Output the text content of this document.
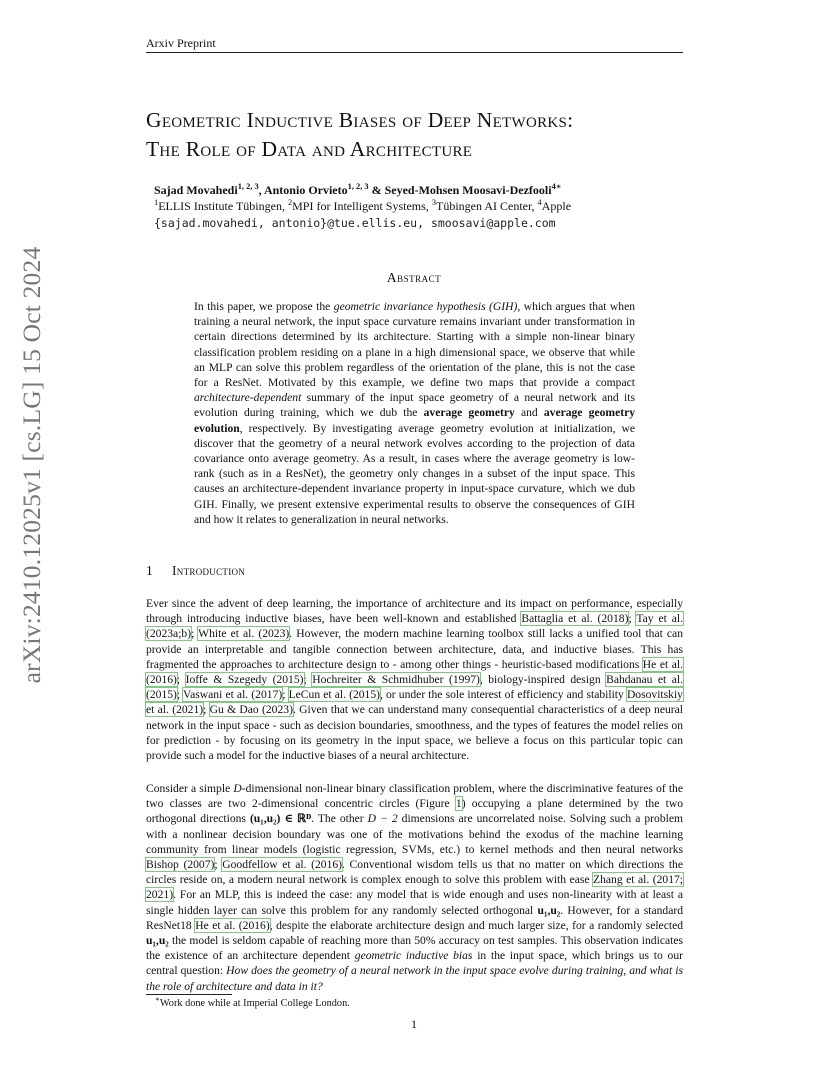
Arxiv Preprint
arXiv:2410.12025v1 [cs.LG] 15 Oct 2024
Geometric Inductive Biases of Deep Networks:
The Role of Data and Architecture
Sajad Movahedi$^{1, 2, 3}$, Antonio Orvieto$^{1, 2, 3}$ & Seyed-Mohsen Moosavi-Dezfooli$^{4∗}$
$^1$ELLIS Institute Tübingen, $^2$MPI for Intelligent Systems, $^3$Tübingen AI Center, $^4$Apple
{sajad.movahedi, antonio}@tue.ellis.eu, smoosavi@apple.com
Abstract
In this paper, we propose the geometric invariance hypothesis (GIH), which argues that when training a neural network, the input space curvature remains invariant under transformation in certain directions determined by its architecture. Starting with a simple non-linear binary classification problem residing on a plane in a high dimensional space, we observe that while an MLP can solve this problem regardless of the orientation of the plane, this is not the case for a ResNet. Motivated by this example, we define two maps that provide a compact architecture-dependent summary of the input space geometry of a neural network and its evolution during training, which we dub the average geometry and average geometry evolution, respectively. By investigating average geometry evolution at initialization, we discover that the geometry of a neural network evolves according to the projection of data covariance onto average geometry. As a result, in cases where the average geometry is low-rank (such as in a ResNet), the geometry only changes in a subset of the input space. This causes an architecture-dependent invariance property in input-space curvature, which we dub GIH. Finally, we present extensive experimental results to observe the consequences of GIH and how it relates to generalization in neural networks.
1 Introduction
Ever since the advent of deep learning, the importance of architecture and its impact on performance, especially through introducing inductive biases, have been well-known and established Battaglia et al. (2018); Tay et al. (2023a;b); White et al. (2023). However, the modern machine learning toolbox still lacks a unified tool that can provide an interpretable and tangible connection between architecture, data, and inductive biases. This has fragmented the approaches to architecture design to - among other things - heuristic-based modifications He et al. (2016); Ioffe & Szegedy (2015); Hochreiter & Schmidhuber (1997), biology-inspired design Bahdanau et al. (2015); Vaswani et al. (2017); LeCun et al. (2015), or under the sole interest of efficiency and stability Dosovitskiy et al. (2021); Gu & Dao (2023). Given that we can understand many consequential characteristics of a deep neural network in the input space - such as decision boundaries, smoothness, and the types of features the model relies on for prediction - by focusing on its geometry in the input space, we believe a focus on this particular topic can provide such a model for the inductive biases of a neural architecture.
Consider a simple D-dimensional non-linear binary classification problem, where the discriminative features of the two classes are two 2-dimensional concentric circles (Figure 1) occupying a plane determined by the two orthogonal directions (u₁,u₂) ∈ ℝᴰ. The other D − 2 dimensions are uncorrelated noise. Solving such a problem with a nonlinear decision boundary was one of the motivations behind the exodus of the machine learning community from linear models (logistic regression, SVMs, etc.) to kernel methods and then neural networks Bishop (2007); Goodfellow et al. (2016). Conventional wisdom tells us that no matter on which directions the circles reside on, a modern neural network is complex enough to solve this problem with ease Zhang et al. (2017; 2021). For an MLP, this is indeed the case: any model that is wide enough and uses non-linearity with at least a single hidden layer can solve this problem for any randomly selected orthogonal u₁,u₂. However, for a standard ResNet18 He et al. (2016), despite the elaborate architecture design and much larger size, for a randomly selected u₁,u₂ the model is seldom capable of reaching more than 50% accuracy on test samples. This observation indicates the existence of an architecture dependent geometric inductive bias in the input space, which brings us to our central question: How does the geometry of a neural network in the input space evolve during training, and what is the role of architecture and data in it?
∗Work done while at Imperial College London.
1
